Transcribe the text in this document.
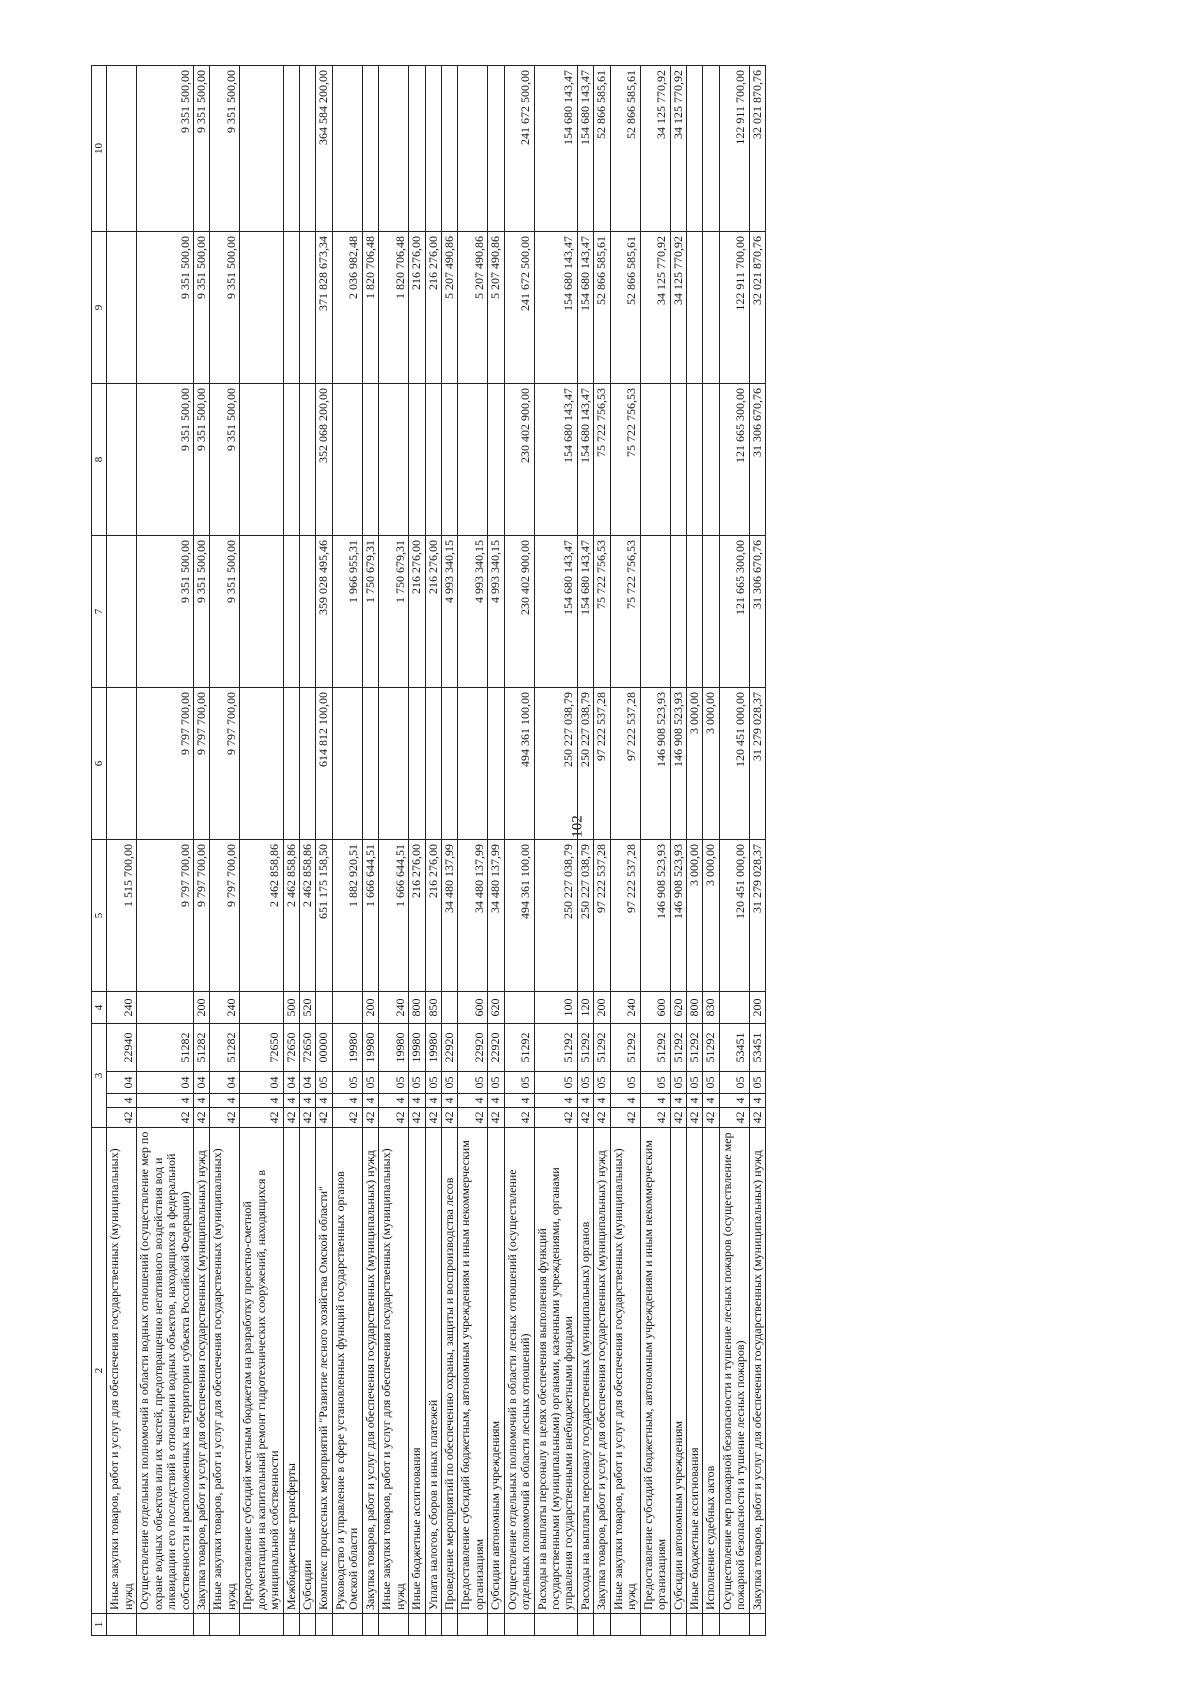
102
1	2	3				4	5	6	7	8	9	10
	Иные закупки товаров, работ и услуг для обеспечения государственных (муниципальных) нужд	42	4	04	22940	240	1 515 700,00					
	Осуществление отдельных полномочий в области водных отношений (осуществление мер по охране водных объектов или их частей, предотвращению негативного воздействия вод и ликвидации его последствий в отношении водных объектов, находящихся в федеральной собственности и расположенных на территории субъекта Российской Федерации)	42	4	04	51282		9 797 700,00	9 797 700,00	9 351 500,00	9 351 500,00	9 351 500,00	9 351 500,00
	Закупка товаров, работ и услуг для обеспечения государственных (муниципальных) нужд	42	4	04	51282	200	9 797 700,00	9 797 700,00	9 351 500,00	9 351 500,00	9 351 500,00	9 351 500,00
	Иные закупки товаров, работ и услуг для обеспечения государственных (муниципальных) нужд	42	4	04	51282	240	9 797 700,00	9 797 700,00	9 351 500,00	9 351 500,00	9 351 500,00	9 351 500,00
	Предоставление субсидий местным бюджетам на разработку проектно-сметной документации на капитальный ремонт гидротехнических сооружений, находящихся в муниципальной собственности	42	4	04	72650		2 462 858,86					
	Межбюджетные трансферты	42	4	04	72650	500	2 462 858,86					
	Субсидии	42	4	04	72650	520	2 462 858,86					
	Комплекс процессных мероприятий "Развитие лесного хозяйства Омской области"	42	4	05	00000		651 175 158,50	614 812 100,00	359 028 495,46	352 068 200,00	371 828 673,34	364 584 200,00
	Руководство и управление в сфере установленных функций государственных органов Омской области	42	4	05	19980		1 882 920,51		1 966 955,31		2 036 982,48	
	Закупка товаров, работ и услуг для обеспечения государственных (муниципальных) нужд	42	4	05	19980	200	1 666 644,51		1 750 679,31		1 820 706,48	
	Иные закупки товаров, работ и услуг для обеспечения государственных (муниципальных) нужд	42	4	05	19980	240	1 666 644,51		1 750 679,31		1 820 706,48	
	Иные бюджетные ассигнования	42	4	05	19980	800	216 276,00		216 276,00		216 276,00	
	Уплата налогов, сборов и иных платежей	42	4	05	19980	850	216 276,00		216 276,00		216 276,00	
	Проведение мероприятий по обеспечению охраны, защиты и воспроизводства лесов	42	4	05	22920		34 480 137,99		4 993 340,15		5 207 490,86	
	Предоставление субсидий бюджетным, автономным учреждениям и иным некоммерческим организациям	42	4	05	22920	600	34 480 137,99		4 993 340,15		5 207 490,86	
	Субсидии автономным учреждениям	42	4	05	22920	620	34 480 137,99		4 993 340,15		5 207 490,86	
	Осуществление отдельных полномочий в области лесных отношений (осуществление отдельных полномочий в области лесных отношений)	42	4	05	51292		494 361 100,00	494 361 100,00	230 402 900,00	230 402 900,00	241 672 500,00	241 672 500,00
	Расходы на выплаты персоналу в целях обеспечения выполнения функций государственными (муниципальными) органами, казенными учреждениями, органами управления государственными внебюджетными фондами	42	4	05	51292	100	250 227 038,79	250 227 038,79	154 680 143,47	154 680 143,47	154 680 143,47	154 680 143,47
	Расходы на выплаты персоналу государственных (муниципальных) органов	42	4	05	51292	120	250 227 038,79	250 227 038,79	154 680 143,47	154 680 143,47	154 680 143,47	154 680 143,47
	Закупка товаров, работ и услуг для обеспечения государственных (муниципальных) нужд	42	4	05	51292	200	97 222 537,28	97 222 537,28	75 722 756,53	75 722 756,53	52 866 585,61	52 866 585,61
	Иные закупки товаров, работ и услуг для обеспечения государственных (муниципальных) нужд	42	4	05	51292	240	97 222 537,28	97 222 537,28	75 722 756,53	75 722 756,53	52 866 585,61	52 866 585,61
	Предоставление субсидий бюджетным, автономным учреждениям и иным некоммерческим организациям	42	4	05	51292	600	146 908 523,93	146 908 523,93			34 125 770,92	34 125 770,92
	Субсидии автономным учреждениям	42	4	05	51292	620	146 908 523,93	146 908 523,93			34 125 770,92	34 125 770,92
	Иные бюджетные ассигнования	42	4	05	51292	800	3 000,00	3 000,00				
	Исполнение судебных актов	42	4	05	51292	830	3 000,00	3 000,00				
	Осуществление мер пожарной безопасности и тушение лесных пожаров (осуществление мер пожарной безопасности и тушение лесных пожаров)	42	4	05	53451		120 451 000,00	120 451 000,00	121 665 300,00	121 665 300,00	122 911 700,00	122 911 700,00
	Закупка товаров, работ и услуг для обеспечения государственных (муниципальных) нужд	42	4	05	53451	200	31 279 028,37	31 279 028,37	31 306 670,76	31 306 670,76	32 021 870,76	32 021 870,76
